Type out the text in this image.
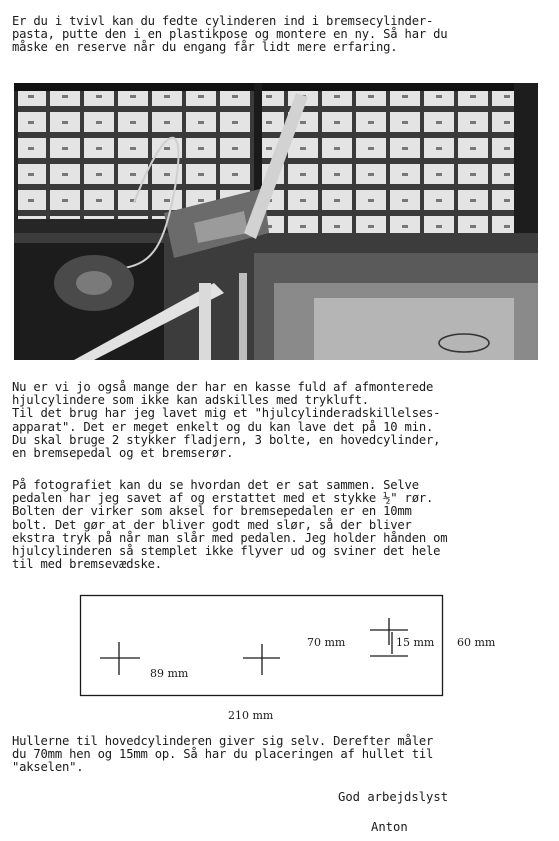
Er du i tvivl kan du fedte cylinderen ind i bremsecylinder-
pasta, putte den i en plastikpose og montere en ny. Så har du
måske en reserve når du engang får lidt mere erfaring.
Nu er vi jo også mange der har en kasse fuld af afmonterede
hjulcylindere som ikke kan adskilles med trykluft.
Til det brug har jeg lavet mig et "hjulcylinderadskillelses-
apparat". Det er meget enkelt og du kan lave det på 10 min.
Du skal bruge 2 stykker fladjern, 3 bolte, en hovedcylinder,
en bremsepedal og et bremserør.
På fotografiet kan du se hvordan det er sat sammen. Selve
pedalen har jeg savet af og erstattet med et stykke ½" rør.
Bolten der virker som aksel for bremsepedalen er en 10mm
bolt. Det gør at der bliver godt med slør, så der bliver
ekstra tryk på når man slår med pedalen. Jeg holder hånden om
hjulcylinderen så stemplet ikke flyver ud og sviner det hele
til med bremsevædske.
89 mm
70 mm	15 mm 60 mm
210 mm
Hullerne til hovedcylinderen giver sig selv. Derefter måler
du 70mm hen og 15mm op. Så har du placeringen af hullet til
"akselen".
God arbejdslyst
Anton
